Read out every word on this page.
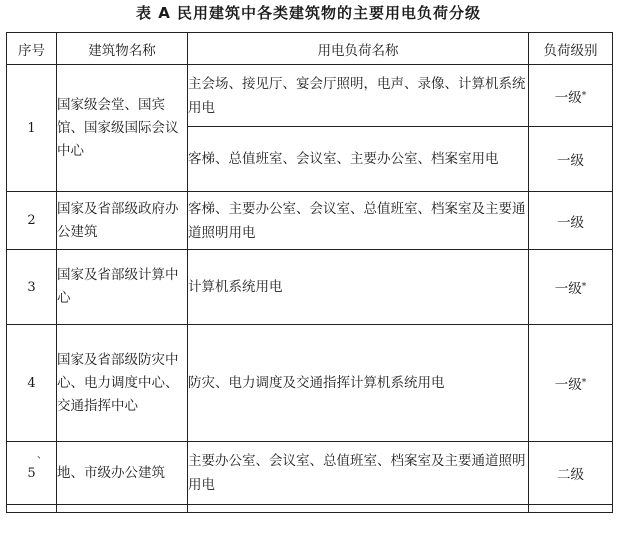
表 A 民用建筑中各类建筑物的主要用电负荷分级
序号	建筑物名称	用电负荷名称	负荷级别
1	国家级会堂、国宾馆、国家级国际会议中心	主会场、接见厅、宴会厅照明，电声、录像、计算机系统用电	一级*
		客梯、总值班室、会议室、主要办公室、档案室用电	一级
2	国家及省部级政府办公建筑	客梯、主要办公室、会议室、总值班室、档案室及主要通道照明用电	一级
3	国家及省部级计算中心	计算机系统用电	一级*
4	国家及省部级防灾中心、电力调度中心、交通指挥中心	防灾、电力调度及交通指挥计算机系统用电	一级*
5	地、市级办公建筑	主要办公室、会议室、总值班室、档案室及主要通道照明用电	二级

、
